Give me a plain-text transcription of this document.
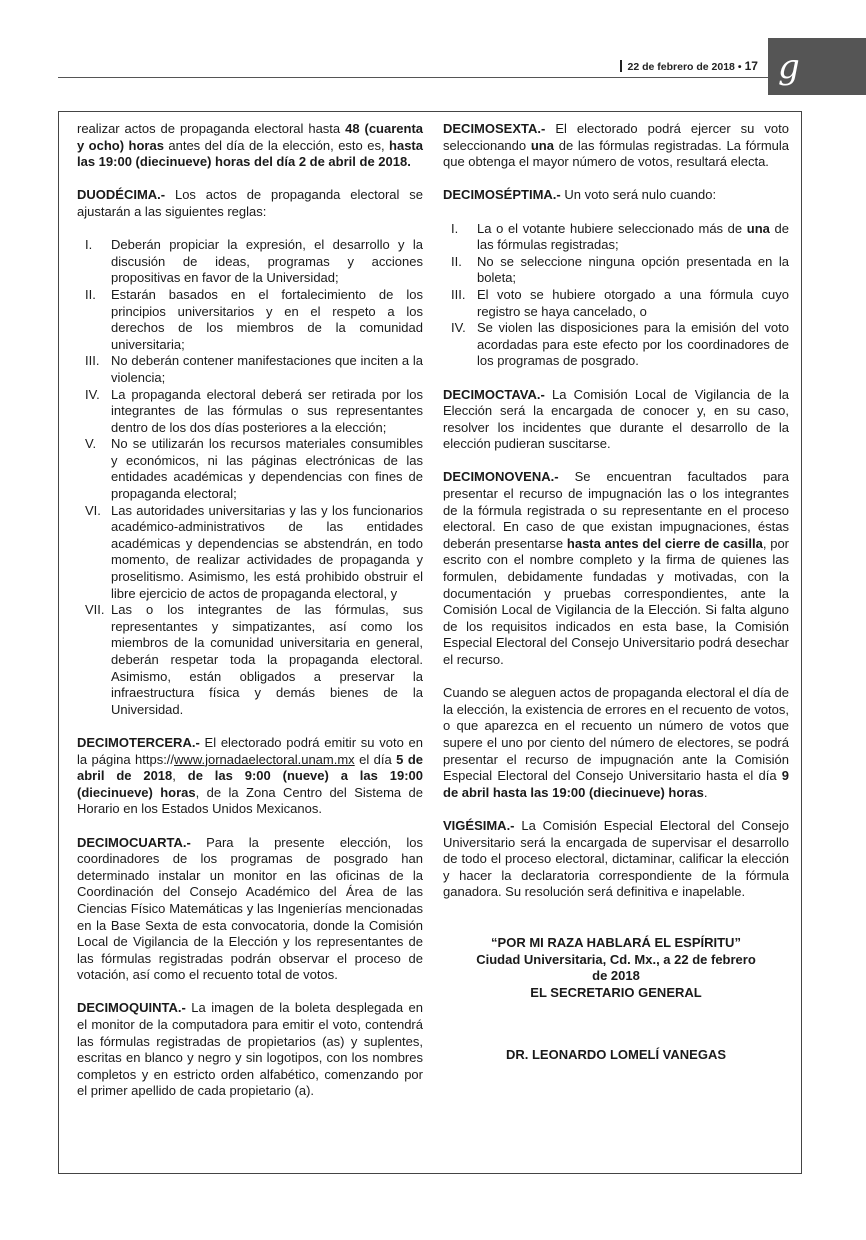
22 de febrero de 2018 • 17 g

realizar actos de propaganda electoral hasta 48 (cuarenta y ocho) horas antes del día de la elección, esto es, hasta las 19:00 (diecinueve) horas del día 2 de abril de 2018.

DUODÉCIMA.- Los actos de propaganda electoral se ajustarán a las siguientes reglas:

I.	Deberán propiciar la expresión, el desarrollo y la discusión de ideas, programas y acciones propositivas en favor de la Universidad;
II.	Estarán basados en el fortalecimiento de los principios universitarios y en el respeto a los derechos de los miembros de la comunidad universitaria;
III. No deberán contener manifestaciones que inciten a la violencia;
IV. La propaganda electoral deberá ser retirada por los integrantes de las fórmulas o sus representantes dentro de los dos días posteriores a la elección;
V.	No se utilizarán los recursos materiales consumibles y económicos, ni las páginas electrónicas de las entidades académicas y dependencias con fines de propaganda electoral;
VI. Las autoridades universitarias y las y los funcionarios académico-administrativos de las entidades académicas y dependencias se abstendrán, en todo momento, de realizar actividades de propaganda y proselitismo. Asimismo, les está prohibido obstruir el libre ejercicio de actos de propaganda electoral, y
VII. Las o los integrantes de las fórmulas, sus representantes y simpatizantes, así como los miembros de la comunidad universitaria en general, deberán respetar toda la propaganda electoral. Asimismo, están obligados a preservar la infraestructura física y demás bienes de la Universidad.

DECIMOTERCERA.- El electorado podrá emitir su voto en la página https://www.jornadaelectoral.unam.mx el día 5 de abril de 2018, de las 9:00 (nueve) a las 19:00 (diecinueve) horas, de la Zona Centro del Sistema de Horario en los Estados Unidos Mexicanos.

DECIMOCUARTA.- Para la presente elección, los coordinadores de los programas de posgrado han determinado instalar un monitor en las oficinas de la Coordinación del Consejo Académico del Área de las Ciencias Físico Matemáticas y las Ingenierías mencionadas en la Base Sexta de esta convocatoria, donde la Comisión Local de Vigilancia de la Elección y los representantes de las fórmulas registradas podrán observar el proceso de votación, así como el recuento total de votos.

DECIMOQUINTA.- La imagen de la boleta desplegada en el monitor de la computadora para emitir el voto, contendrá las fórmulas registradas de propietarios (as) y suplentes, escritas en blanco y negro y sin logotipos, con los nombres completos y en estricto orden alfabético, comenzando por el primer apellido de cada propietario (a).

DECIMOSEXTA.- El electorado podrá ejercer su voto seleccionando una de las fórmulas registradas. La fórmula que obtenga el mayor número de votos, resultará electa.

DECIMOSÉPTIMA.- Un voto será nulo cuando:

I.	La o el votante hubiere seleccionado más de una de las fórmulas registradas;
II.	No se seleccione ninguna opción presentada en la boleta;
III. El voto se hubiere otorgado a una fórmula cuyo registro se haya cancelado, o
IV. Se violen las disposiciones para la emisión del voto acordadas para este efecto por los coordinadores de los programas de posgrado.

DECIMOCTAVA.- La Comisión Local de Vigilancia de la Elección será la encargada de conocer y, en su caso, resolver los incidentes que durante el desarrollo de la elección pudieran suscitarse.

DECIMONOVENA.- Se encuentran facultados para presentar el recurso de impugnación las o los integrantes de la fórmula registrada o su representante en el proceso electoral. En caso de que existan impugnaciones, éstas deberán presentarse hasta antes del cierre de casilla, por escrito con el nombre completo y la firma de quienes las formulen, debidamente fundadas y motivadas, con la documentación y pruebas correspondientes, ante la Comisión Local de Vigilancia de la Elección. Si falta alguno de los requisitos indicados en esta base, la Comisión Especial Electoral del Consejo Universitario podrá desechar el recurso.

Cuando se aleguen actos de propaganda electoral el día de la elección, la existencia de errores en el recuento de votos, o que aparezca en el recuento un número de votos que supere el uno por ciento del número de electores, se podrá presentar el recurso de impugnación ante la Comisión Especial Electoral del Consejo Universitario hasta el día 9 de abril hasta las 19:00 (diecinueve) horas.

VIGÉSIMA.- La Comisión Especial Electoral del Consejo Universitario será la encargada de supervisar el desarrollo de todo el proceso electoral, dictaminar, calificar la elección y hacer la declaratoria correspondiente de la fórmula ganadora. Su resolución será definitiva e inapelable.

“POR MI RAZA HABLARÁ EL ESPÍRITU”
Ciudad Universitaria, Cd. Mx., a 22 de febrero
de 2018
EL SECRETARIO GENERAL
DR. LEONARDO LOMELÍ VANEGAS
